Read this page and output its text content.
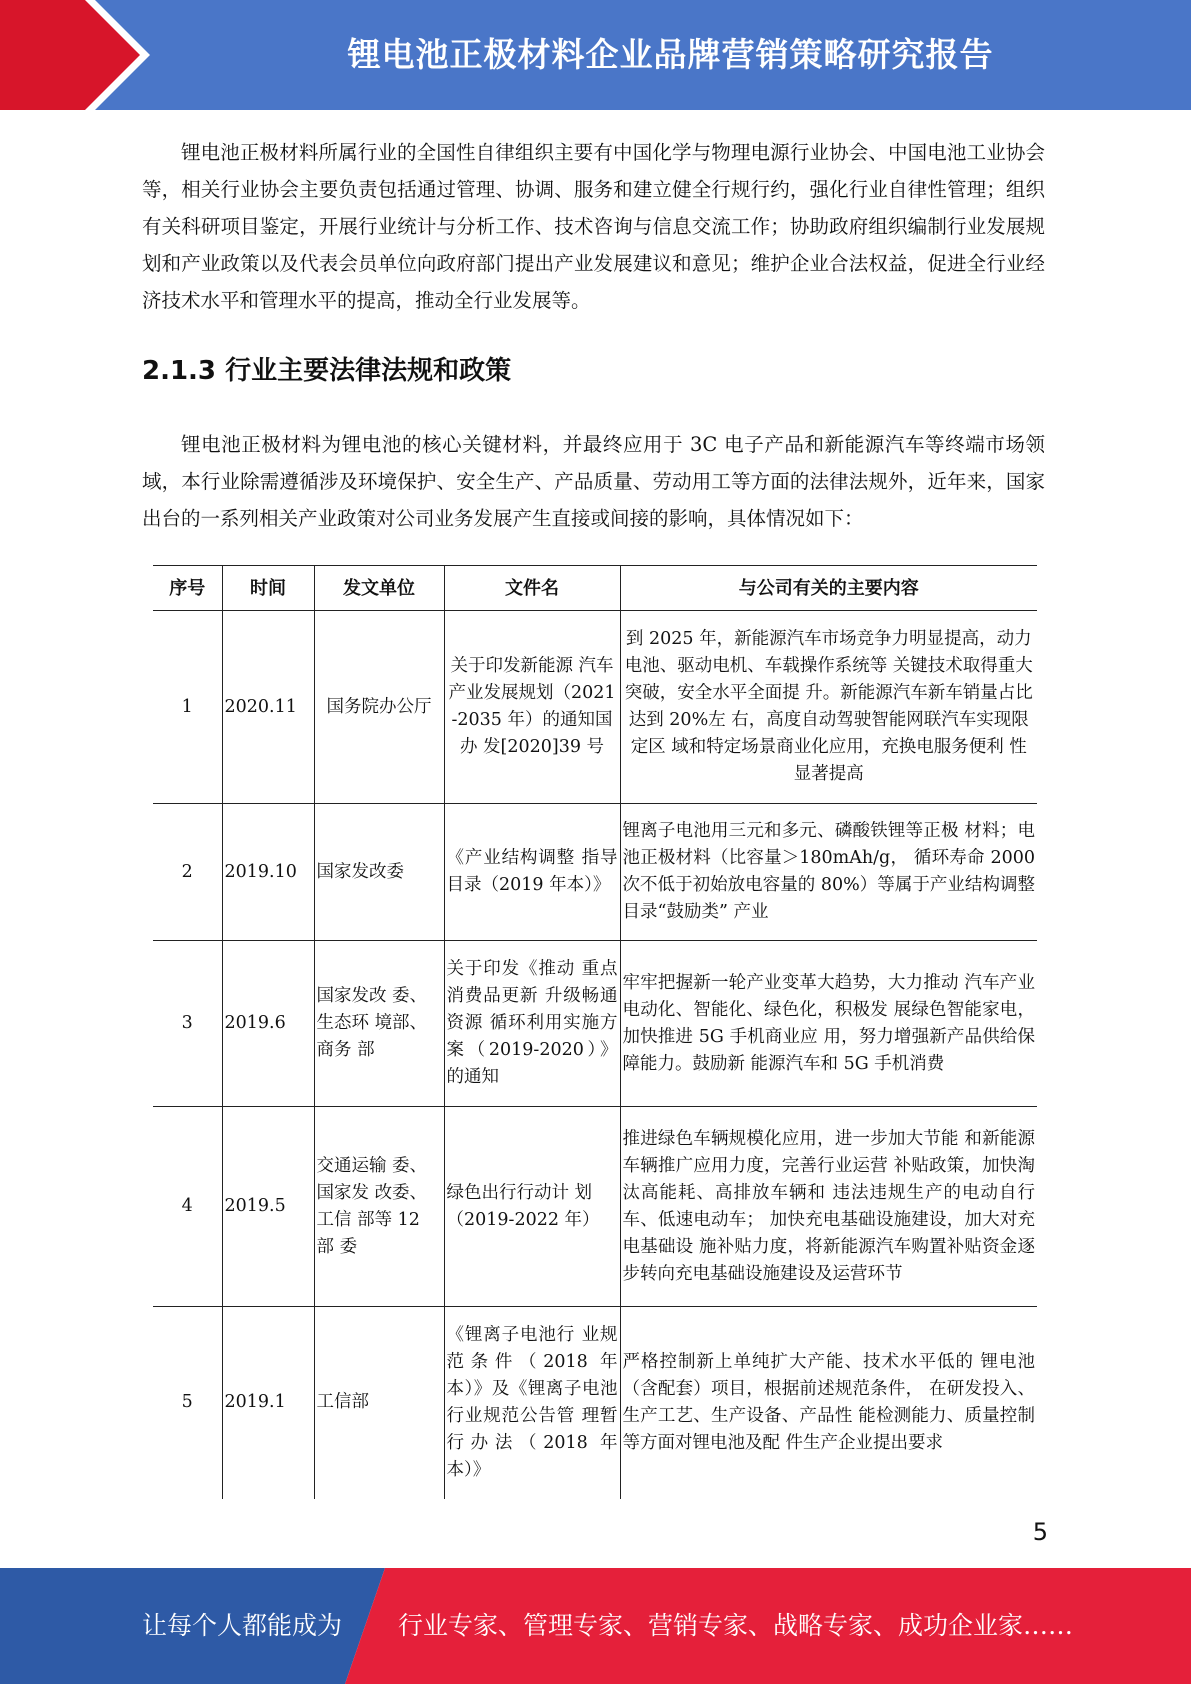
锂电池正极材料企业品牌营销策略研究报告

锂电池正极材料所属行业的全国性自律组织主要有中国化学与物理电源行业协会、中国电池工业协会等，相关行业协会主要负责包括通过管理、协调、服务和建立健全行规行约，强化行业自律性管理；组织有关科研项目鉴定，开展行业统计与分析工作、技术咨询与信息交流工作；协助政府组织编制行业发展规划和产业政策以及代表会员单位向政府部门提出产业发展建议和意见；维护企业合法权益，促进全行业经济技术水平和管理水平的提高，推动全行业发展等。

2.1.3 行业主要法律法规和政策

锂电池正极材料为锂电池的核心关键材料，并最终应用于 3C 电子产品和新能源汽车等终端市场领域，本行业除需遵循涉及环境保护、安全生产、产品质量、劳动用工等方面的法律法规外，近年来，国家出台的一系列相关产业政策对公司业务发展产生直接或间接的影响，具体情况如下：

序号	时间	发文单位	文件名	与公司有关的主要内容
1	2020.11	国务院办公厅	关于印发新能源 汽车产业发展规划（2021-2035 年）的通知国办 发[2020]39 号	到 2025 年，新能源汽车市场竞争力明显提高，动力电池、驱动电机、车载操作系统等 关键技术取得重大突破，安全水平全面提 升。新能源汽车新车销量占比达到 20%左 右，高度自动驾驶智能网联汽车实现限定区 域和特定场景商业化应用，充换电服务便利 性显著提高
2	2019.10	国家发改委	《产业结构调整 指导目录（2019 年本）》	锂离子电池用三元和多元、磷酸铁锂等正极 材料；电池正极材料（比容量＞180mAh/g， 循环寿命 2000 次不低于初始放电容量的 80%）等属于产业结构调整目录“鼓励类” 产业
3	2019.6	国家发改 委、生态环 境部、商务 部	关于印发《推动 重点消费品更新 升级畅通资源 循环利用实施方 案（2019-2020）》 的通知	牢牢把握新一轮产业变革大趋势，大力推动 汽车产业电动化、智能化、绿色化，积极发 展绿色智能家电，加快推进 5G 手机商业应 用，努力增强新产品供给保障能力。鼓励新 能源汽车和 5G 手机消费
4	2019.5	交通运输 委、国家发 改委、工信 部等 12 部 委	绿色出行行动计 划（2019-2022 年）	推进绿色车辆规模化应用，进一步加大节能 和新能源车辆推广应用力度，完善行业运营 补贴政策，加快淘汰高能耗、高排放车辆和 违法违规生产的电动自行车、低速电动车； 加快充电基础设施建设，加大对充电基础设 施补贴力度，将新能源汽车购置补贴资金逐步转向充电基础设施建设及运营环节
5	2019.1	工信部	《锂离子电池行 业规范条件（2018 年本）》及《锂离子电池 行业规范公告管 理暂行办法（2018 年本）》	严格控制新上单纯扩大产能、技术水平低的 锂电池（含配套）项目，根据前述规范条件， 在研发投入、生产工艺、生产设备、产品性 能检测能力、质量控制等方面对锂电池及配 件生产企业提出要求
5
让每个人都能成为 行业专家、管理专家、营销专家、战略专家、成功企业家……
